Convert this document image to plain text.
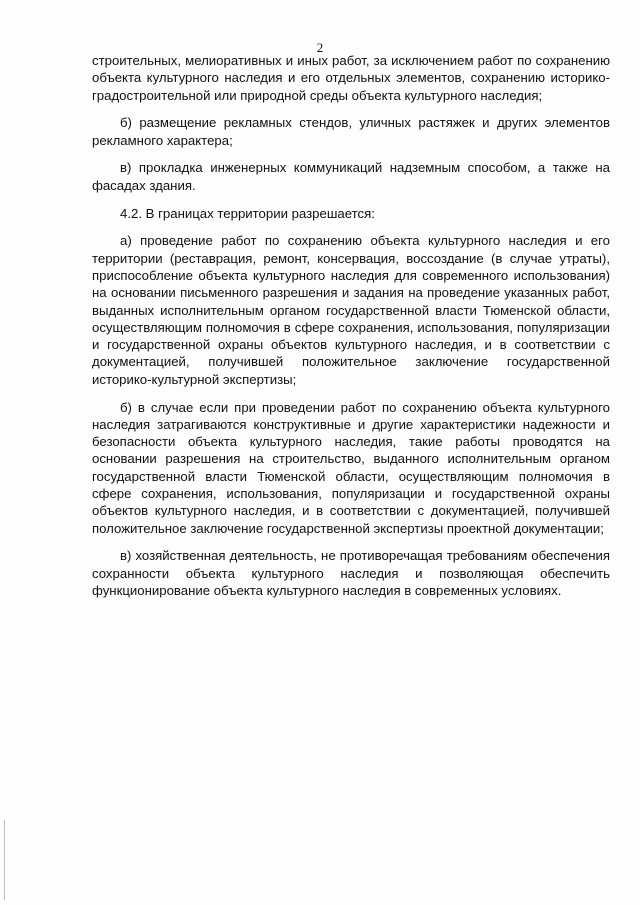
2

строительных, мелиоративных и иных работ, за исключением работ по сохранению объекта культурного наследия и его отдельных элементов, сохранению историко-градостроительной или природной среды объекта культурного наследия;

б) размещение рекламных стендов, уличных растяжек и других элементов рекламного характера;

в) прокладка инженерных коммуникаций надземным способом, а также на фасадах здания.

4.2. В границах территории разрешается:

а) проведение работ по сохранению объекта культурного наследия и его территории (реставрация, ремонт, консервация, воссоздание (в случае утраты), приспособление объекта культурного наследия для современного использования) на основании письменного разрешения и задания на проведение указанных работ, выданных исполнительным органом государственной власти Тюменской области, осуществляющим полномочия в сфере сохранения, использования, популяризации и государственной охраны объектов культурного наследия, и в соответствии с документацией, получившей положительное заключение государственной историко-культурной экспертизы;

б) в случае если при проведении работ по сохранению объекта культурного наследия затрагиваются конструктивные и другие характеристики надежности и безопасности объекта культурного наследия, такие работы проводятся на основании разрешения на строительство, выданного исполнительным органом государственной власти Тюменской области, осуществляющим полномочия в сфере сохранения, использования, популяризации и государственной охраны объектов культурного наследия, и в соответствии с документацией, получившей положительное заключение государственной экспертизы проектной документации;

в) хозяйственная деятельность, не противоречащая требованиям обеспечения сохранности объекта культурного наследия и позволяющая обеспечить функционирование объекта культурного наследия в современных условиях.
